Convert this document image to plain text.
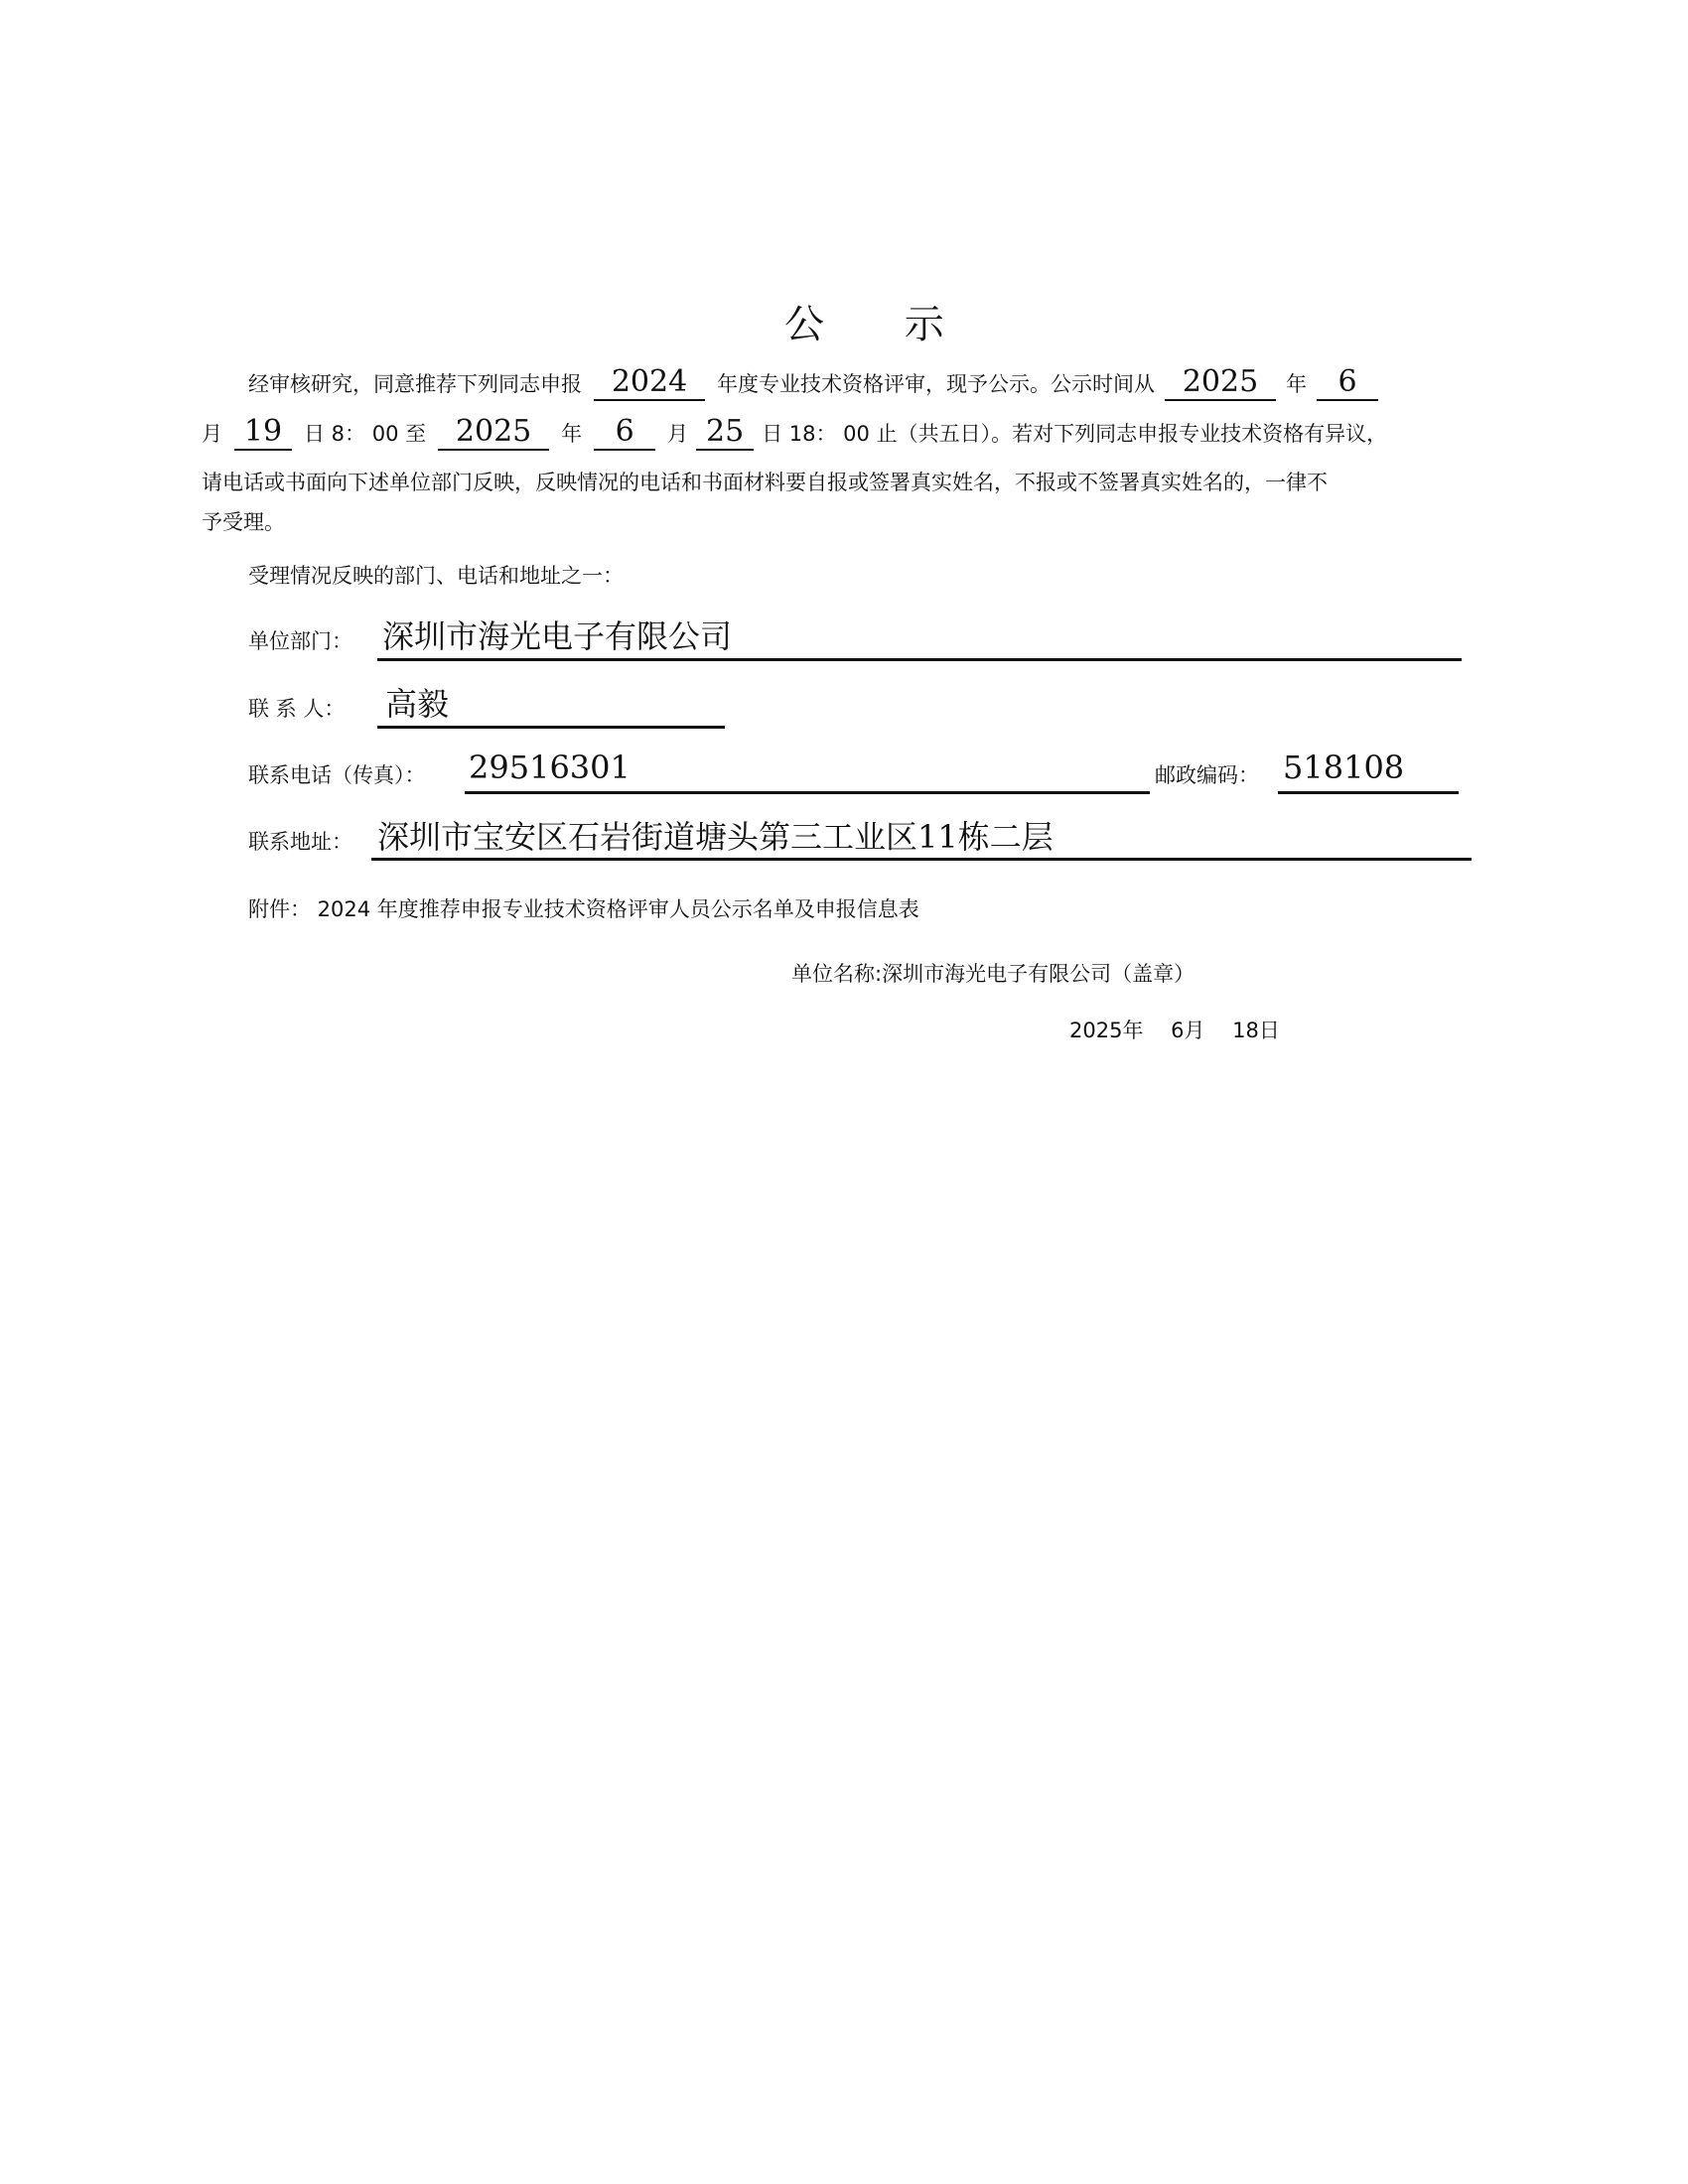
公 示
经审核研究，同意推荐下列同志申报 2024 年度专业技术资格评审，现予公示。公示时间从 2025 年 6
月 19 日 8： 00 至 2025 年 6 月 25 日 18： 00 止（共五日）。若对下列同志申报专业技术资格有异议，
请电话或书面向下述单位部门反映，反映情况的电话和书面材料要自报或签署真实姓名，不报或不签署真实姓名的，一律不
予受理。
受理情况反映的部门、电话和地址之一：
单位部门： 深圳市海光电子有限公司
联 系 人： 高毅
联系电话（传真）： 29516301	邮政编码： 518108
联系地址： 深圳市宝安区石岩街道塘头第三工业区11栋二层
附件： 2024 年度推荐申报专业技术资格评审人员公示名单及申报信息表
单位名称:深圳市海光电子有限公司（盖章）
2025年　 6月　 18日
